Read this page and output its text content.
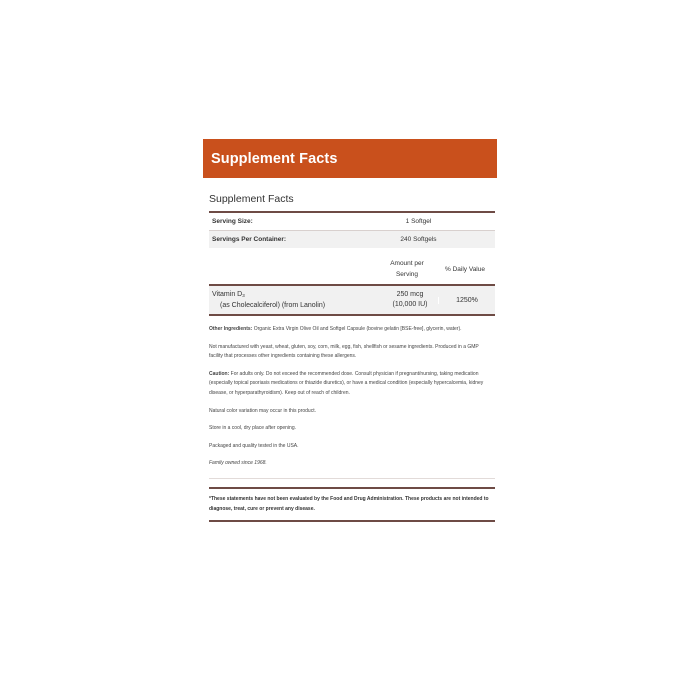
Supplement Facts
Supplement Facts
Serving Size:	1 Softgel
Servings Per Container:	240 Softgels
Amount per
Serving
% Daily Value
Vitamin $D_3$
(as Cholecalciferol) (from Lanolin)
250 mcg
(10,000 IU)
1250%

Other Ingredients: Organic Extra Virgin Olive Oil and Softgel Capsule (bovine gelatin [BSE-free], glycerin, water).

Not manufactured with yeast, wheat, gluten, soy, corn, milk, egg, fish, shellfish or sesame ingredients. Produced in a GMP facility that processes other ingredients containing these allergens.

Caution: For adults only. Do not exceed the recommended dose. Consult physician if pregnant/nursing, taking medication (especially topical psoriasis medications or thiazide diuretics), or have a medical condition (especially hypercalcemia, kidney disease, or hyperparathyroidism). Keep out of reach of children.

Natural color variation may occur in this product.

Store in a cool, dry place after opening.

Packaged and quality tested in the USA.

Family owned since 1968.

*These statements have not been evaluated by the Food and Drug Administration. These products are not intended to diagnose, treat, cure or prevent any disease.
